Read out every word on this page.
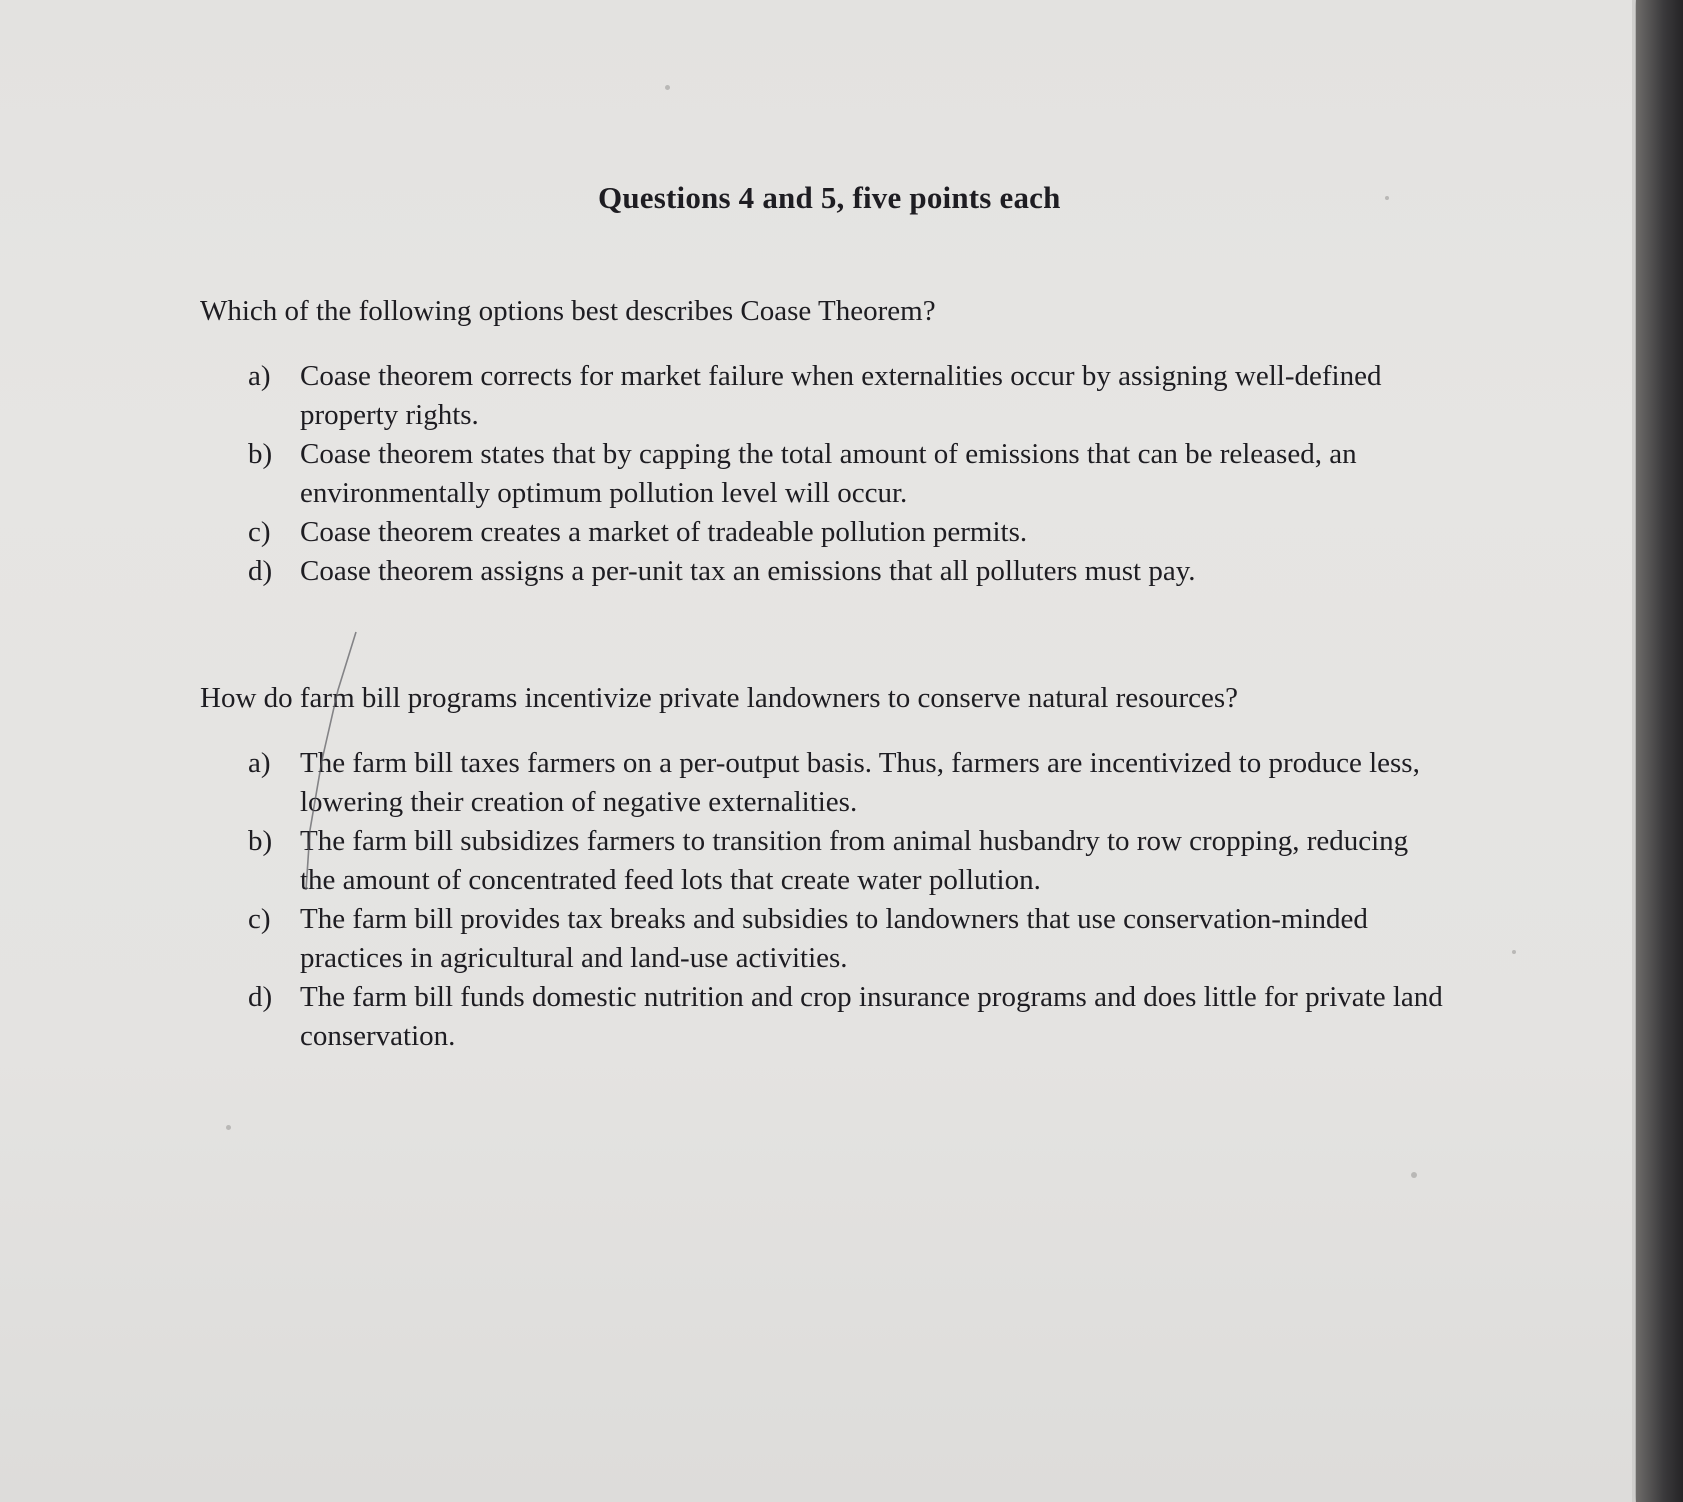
Questions 4 and 5, five points each

Which of the following options best describes Coase Theorem?

a) Coase theorem corrects for market failure when externalities occur by assigning well-defined property rights.
b) Coase theorem states that by capping the total amount of emissions that can be released, an environmentally optimum pollution level will occur.
c) Coase theorem creates a market of tradeable pollution permits.
d) Coase theorem assigns a per-unit tax an emissions that all polluters must pay.

How do farm bill programs incentivize private landowners to conserve natural resources?

a) The farm bill taxes farmers on a per-output basis. Thus, farmers are incentivized to produce less, lowering their creation of negative externalities.
b) The farm bill subsidizes farmers to transition from animal husbandry to row cropping, reducing the amount of concentrated feed lots that create water pollution.
c) The farm bill provides tax breaks and subsidies to landowners that use conservation-minded practices in agricultural and land-use activities.
d) The farm bill funds domestic nutrition and crop insurance programs and does little for private land conservation.
